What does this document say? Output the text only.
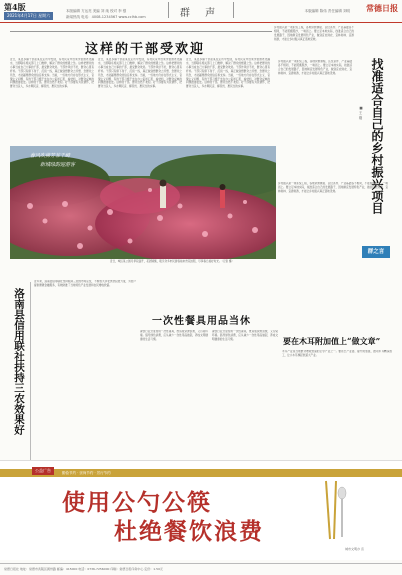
第4版
2021年4月17日 星期六
本版编辑 方运亮 美编 刘 纯 校对 李 强
新闻热线 电话：4008-1234567 www.cclhb.com	群 声	本版编辑 陈伟 责任编辑 刘明 常德日报
这样的干部受欢迎
近日，某县乡镇干部张某在走访中发现，有村民家中自来水管道老化漏水，当即联系相关部门上门维修，解决了群众的燃眉之急。这样把群众的小事当成自己大事的干部，最受群众欢迎。干部作风好不好，群众心里有杆秤。干部只有俯下身子、沉到一线，真正做到想群众之所想、急群众之所急，才能赢得群众的信任和支持。当前，一些地方仍存在形式主义、官僚主义问题，有的干部习惯于坐在办公室听汇报、看材料，对群众反映的问题推诿扯皮。这样的干部，群众自然不欢迎。好干部要有为民情怀，把群众当亲人，多办顺民意、解民忧、惠民生的实事。
近日，某县乡镇干部张某在走访中发现，有村民家中自来水管道老化漏水，当即联系相关部门上门维修，解决了群众的燃眉之急。这样把群众的小事当成自己大事的干部，最受群众欢迎。干部作风好不好，群众心里有杆秤。干部只有俯下身子、沉到一线，真正做到想群众之所想、急群众之所急，才能赢得群众的信任和支持。当前，一些地方仍存在形式主义、官僚主义问题，有的干部习惯于坐在办公室听汇报、看材料，对群众反映的问题推诿扯皮。这样的干部，群众自然不欢迎。好干部要有为民情怀，把群众当亲人，多办顺民意、解民忧、惠民生的实事。
近日，某县乡镇干部张某在走访中发现，有村民家中自来水管道老化漏水，当即联系相关部门上门维修，解决了群众的燃眉之急。这样把群众的小事当成自己大事的干部，最受群众欢迎。干部作风好不好，群众心里有杆秤。干部只有俯下身子、沉到一线，真正做到想群众之所想、急群众之所急，才能赢得群众的信任和支持。当前，一些地方仍存在形式主义、官僚主义问题，有的干部习惯于坐在办公室听汇报、看材料，对群众反映的问题推诿扯皮。这样的干部，群众自然不欢迎。好干部要有为民情怀，把群众当亲人，多办顺民意、解民忧、惠民生的实事。
乡村振兴是一项系统工程，各地资源禀赋、区位条件、产业基础各不相同，不能照搬照抄，一哄而上。要立足本地实际，找准适合自己的发展路子，因地制宜发展特色产业，做到宜农则农、宜林则林、宜游则游，才能让乡村振兴真正落地见效。
找准适合自己的乡村振兴项目
■ 王 刚
乡村振兴是一项系统工程，各地资源禀赋、区位条件、产业基础各不相同，不能照搬照抄，一哄而上。要立足本地实际，找准适合自己的发展路子，因地制宜发展特色产业，做到宜农则农、宜林则林、宜游则游，才能让乡村振兴真正落地见效。
乡村振兴是一项系统工程，各地资源禀赋、区位条件、产业基础各不相同，不能照搬照抄，一哄而上。要立足本地实际，找准适合自己的发展路子，因地制宜发展特色产业，做到宜农则农、宜林则林、宜游则游，才能让乡村振兴真正落地见效。
群之言
春风吹拂芳菲千嶂
新城绿韵迎游客
近日，城区某公园月季花盛开，花团锦簇，吸引众多市民游客前来赏花拍照，尽享春日美好时光。（记者 摄）
洛南县信用联社扶持三农效果好
近年来，洛南县信用联社坚持服务三农的市场定位，不断加大涉农贷款投放力度，为农户提供便捷金融服务，有效助推了当地特色产业发展和农民增收致富。
一次性餐具用品当休
餐饮行业过度使用一次性餐具，既造成资源浪费，又污染环境。倡导绿色消费，应从减少一次性用品做起，养成文明健康的生活习惯。
餐饮行业过度使用一次性餐具，既造成资源浪费，又污染环境。倡导绿色消费，应从减少一次性用品做起，养成文明健康的生活习惯。	要在木耳附加值上“做文章”
木耳产业是当地群众增收致富的主导产业之一。要延长产业链、提升附加值，推动木耳精深加工，让小木耳撑起致富大产业。
公益广告	勤俭节约 · 崇尚节约 · 厉行节约
使用公勺公筷
杜绝餐饮浪费
城市文明办 宣
常德日报社 地址：常德市武陵区朗州路 邮编：415000 电话：0736-7256000 印刷：常德日报印务中心 定价：1.50元
